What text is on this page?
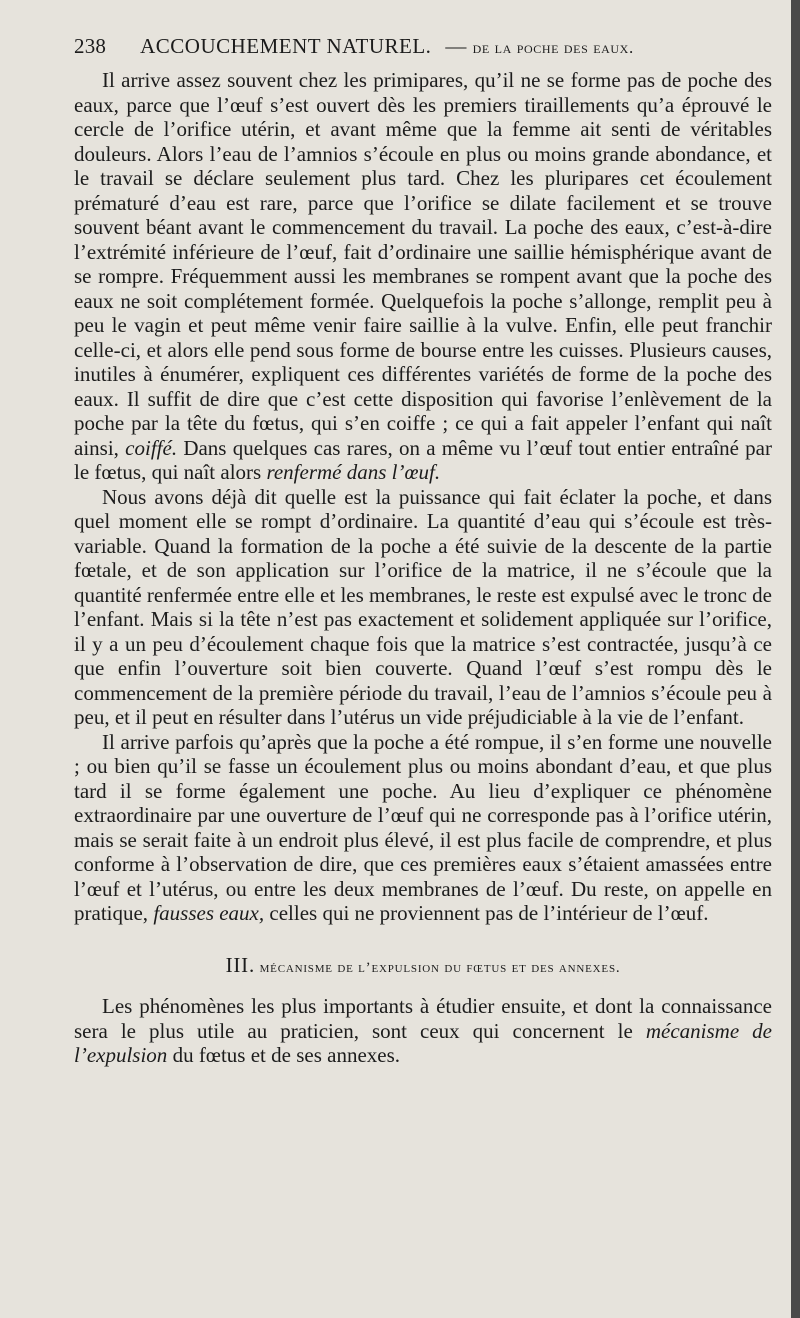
238 ACCOUCHEMENT NATUREL. — de la poche des eaux.

Il arrive assez souvent chez les primipares, qu’il ne se forme pas de poche des eaux, parce que l’œuf s’est ouvert dès les premiers tiraillements qu’a éprouvé le cercle de l’orifice utérin, et avant même que la femme ait senti de véritables douleurs. Alors l’eau de l’amnios s’écoule en plus ou moins grande abondance, et le travail se déclare seulement plus tard. Chez les pluripares cet écoulement prématuré d’eau est rare, parce que l’orifice se dilate facilement et se trouve souvent béant avant le commencement du travail. La poche des eaux, c’est-à-dire l’extrémité inférieure de l’œuf, fait d’ordinaire une saillie hémisphérique avant de se rompre. Fréquemment aussi les membranes se rompent avant que la poche des eaux ne soit complétement formée. Quelquefois la poche s’allonge, remplit peu à peu le vagin et peut même venir faire saillie à la vulve. Enfin, elle peut franchir celle-ci, et alors elle pend sous forme de bourse entre les cuisses. Plusieurs causes, inutiles à énumérer, expliquent ces différentes variétés de forme de la poche des eaux. Il suffit de dire que c’est cette disposition qui favorise l’enlèvement de la poche par la tête du fœtus, qui s’en coiffe ; ce qui a fait appeler l’enfant qui naît ainsi, coiffé. Dans quelques cas rares, on a même vu l’œuf tout entier entraîné par le fœtus, qui naît alors renfermé dans l’œuf.

Nous avons déjà dit quelle est la puissance qui fait éclater la poche, et dans quel moment elle se rompt d’ordinaire. La quantité d’eau qui s’écoule est très-variable. Quand la formation de la poche a été suivie de la descente de la partie fœtale, et de son application sur l’orifice de la matrice, il ne s’écoule que la quantité renfermée entre elle et les membranes, le reste est expulsé avec le tronc de l’enfant. Mais si la tête n’est pas exactement et solidement appliquée sur l’orifice, il y a un peu d’écoulement chaque fois que la matrice s’est contractée, jusqu’à ce que enfin l’ouverture soit bien couverte. Quand l’œuf s’est rompu dès le commencement de la première période du travail, l’eau de l’amnios s’écoule peu à peu, et il peut en résulter dans l’utérus un vide préjudiciable à la vie de l’enfant.

Il arrive parfois qu’après que la poche a été rompue, il s’en forme une nouvelle ; ou bien qu’il se fasse un écoulement plus ou moins abondant d’eau, et que plus tard il se forme également une poche. Au lieu d’expliquer ce phénomène extraordinaire par une ouverture de l’œuf qui ne corresponde pas à l’orifice utérin, mais se serait faite à un endroit plus élevé, il est plus facile de comprendre, et plus conforme à l’observation de dire, que ces premières eaux s’étaient amassées entre l’œuf et l’utérus, ou entre les deux membranes de l’œuf. Du reste, on appelle en pratique, fausses eaux, celles qui ne proviennent pas de l’intérieur de l’œuf.

III. mécanisme de l’expulsion du fœtus et des annexes.

Les phénomènes les plus importants à étudier ensuite, et dont la connaissance sera le plus utile au praticien, sont ceux qui concernent le mécanisme de l’expulsion du fœtus et de ses annexes.
